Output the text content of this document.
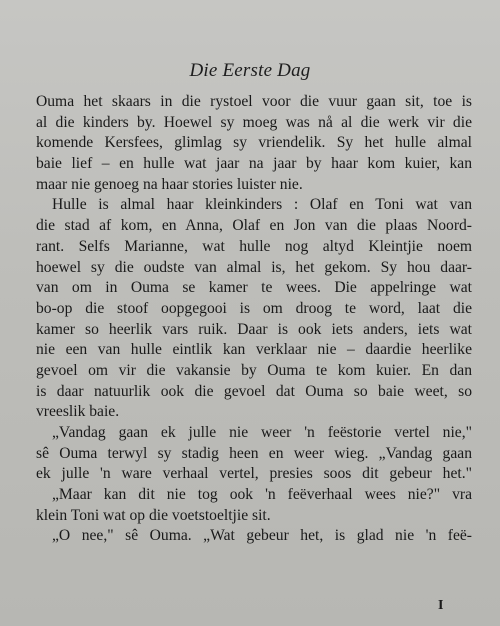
Die Eerste Dag
Ouma het skaars in die rystoel voor die vuur gaan sit, toe is
al die kinders by. Hoewel sy moeg was nå al die werk vir die
komende Kersfees, glimlag sy vriendelik. Sy het hulle almal
baie lief – en hulle wat jaar na jaar by haar kom kuier, kan
maar nie genoeg na haar stories luister nie.
Hulle is almal haar kleinkinders : Olaf en Toni wat van
die stad af kom, en Anna, Olaf en Jon van die plaas Noord-
rant. Selfs Marianne, wat hulle nog altyd Kleintjie noem
hoewel sy die oudste van almal is, het gekom. Sy hou daar-
van om in Ouma se kamer te wees. Die appelringe wat
bo-op die stoof oopgegooi is om droog te word, laat die
kamer so heerlik vars ruik. Daar is ook iets anders, iets wat
nie een van hulle eintlik kan verklaar nie – daardie heerlike
gevoel om vir die vakansie by Ouma te kom kuier. En dan
is daar natuurlik ook die gevoel dat Ouma so baie weet, so
vreeslik baie.
„Vandag gaan ek julle nie weer 'n feëstorie vertel nie,"
sê Ouma terwyl sy stadig heen en weer wieg. „Vandag gaan
ek julle 'n ware verhaal vertel, presies soos dit gebeur het."
„Maar kan dit nie tog ook 'n feëverhaal wees nie?" vra
klein Toni wat op die voetstoeltjie sit.
„O nee," sê Ouma. „Wat gebeur het, is glad nie 'n feë-
I
